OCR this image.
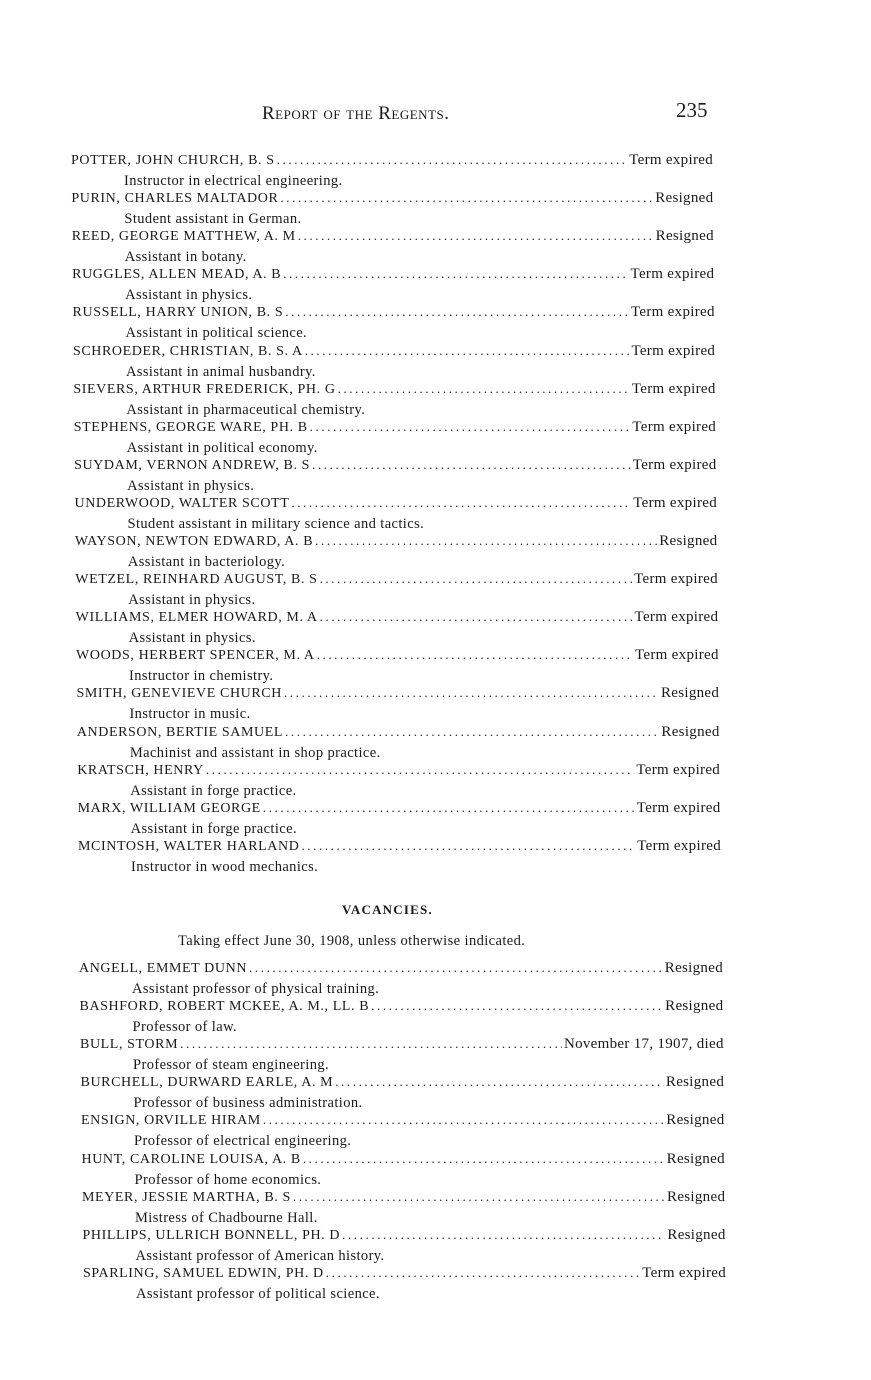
Report of the Regents.	235
POTTER, JOHN CHURCH, B. S .....	Term expired
Instructor in electrical engineering.
PURIN, CHARLES MALTADOR .....	Resigned
Student assistant in German.
REED, GEORGE MATTHEW, A. M .....	Resigned
Assistant in botany.
RUGGLES, ALLEN MEAD, A. B .....	Term expired
Assistant in physics.
RUSSELL, HARRY UNION, B. S .....	Term expired
Assistant in political science.
SCHROEDER, CHRISTIAN, B. S. A .....	Term expired
Assistant in animal husbandry.
SIEVERS, ARTHUR FREDERICK, PH. G .....	Term expired
Assistant in pharmaceutical chemistry.
STEPHENS, GEORGE WARE, PH. B .....	Term expired
Assistant in political economy.
SUYDAM, VERNON ANDREW, B. S .....	Term expired
Assistant in physics.
UNDERWOOD, WALTER SCOTT .....	Term expired
Student assistant in military science and tactics.
WAYSON, NEWTON EDWARD, A. B .....	Resigned
Assistant in bacteriology.
WETZEL, REINHARD AUGUST, B. S .....	Term expired
Assistant in physics.
WILLIAMS, ELMER HOWARD, M. A .....	Term expired
Assistant in physics.
WOODS, HERBERT SPENCER, M. A .....	Term expired
Instructor in chemistry.
SMITH, GENEVIEVE CHURCH .....	Resigned
Instructor in music.
ANDERSON, BERTIE SAMUEL .....	Resigned
Machinist and assistant in shop practice.
KRATSCH, HENRY .....	Term expired
Assistant in forge practice.
MARX, WILLIAM GEORGE .....	Term expired
Assistant in forge practice.
MCINTOSH, WALTER HARLAND .....	Term expired
Instructor in wood mechanics.
VACANCIES.
Taking effect June 30, 1908, unless otherwise indicated.
ANGELL, EMMET DUNN .....	Resigned
Assistant professor of physical training.
BASHFORD, ROBERT MCKEE, A. M., LL. B .....	Resigned
Professor of law.
BULL, STORM .....	November 17, 1907, died
Professor of steam engineering.
BURCHELL, DURWARD EARLE, A. M .....	Resigned
Professor of business administration.
ENSIGN, ORVILLE HIRAM .....	Resigned
Professor of electrical engineering.
HUNT, CAROLINE LOUISA, A. B .....	Resigned
Professor of home economics.
MEYER, JESSIE MARTHA, B. S .....	Resigned
Mistress of Chadbourne Hall.
PHILLIPS, ULLRICH BONNELL, PH. D .....	Resigned
Assistant professor of American history.
SPARLING, SAMUEL EDWIN, PH. D .....	Term expired
Assistant professor of political science.
